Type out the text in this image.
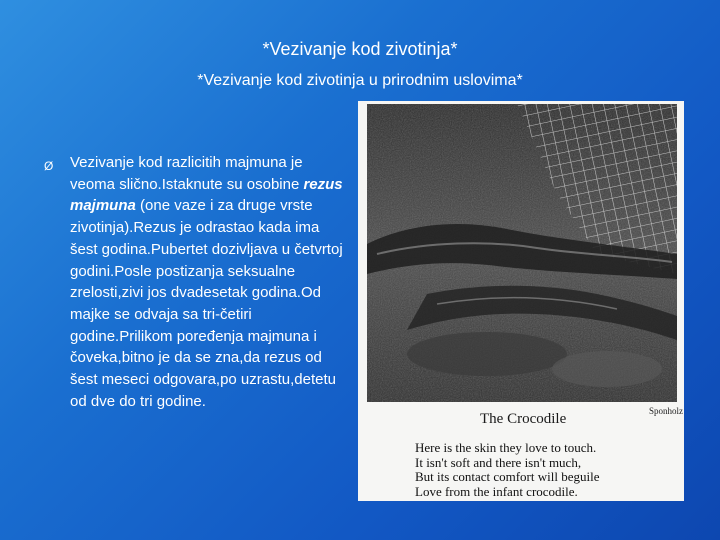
*Vezivanje kod zivotinja*
*Vezivanje kod zivotinja u prirodnim uslovima*
Ø Vezivanje kod razlicitih majmuna je veoma slično.Istaknute su osobine rezus majmuna (one vaze i za druge vrste zivotinja).Rezus je odrastao kada ima šest godina.Pubertet dozivljava u četvrtoj godini.Posle postizanja seksualne zrelosti,zivi jos dvadesetak godina.Od majke se odvaja sa tri-četiri godine.Prilikom poređenja majmuna i čoveka,bitno je da se zna,da rezus od šest meseci odgovara,po uzrastu,detetu od dve do tri godine.
The Crocodile	Sponholz
Here is the skin they love to touch.
It isn't soft and there isn't much,
But its contact comfort will beguile
Love from the infant crocodile.
